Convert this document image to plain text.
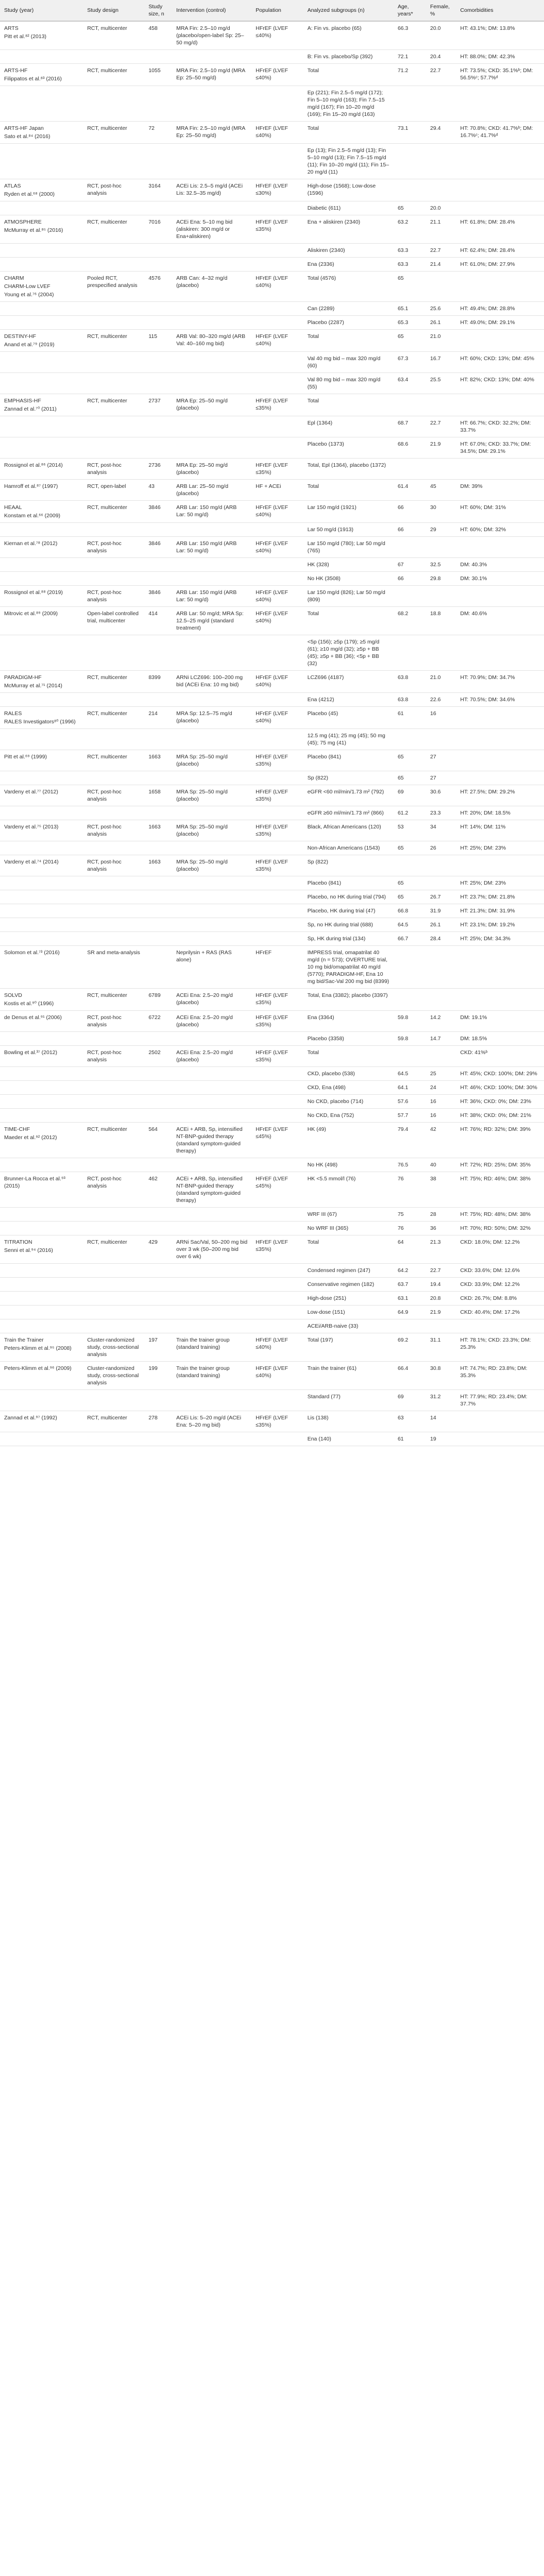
Study (year)	Study design	Study size, n	Intervention (control)	Population	Analyzed subgroups (n)	Age, years*	Female, %	Comorbidities

ARTS
Pitt et al.⁸² (2013)	RCT, multicenter	458	MRA Fin: 2.5–10 mg/d (placebo/open-label Sp: 25–50 mg/d)	HFrEF (LVEF ≤40%)	A: Fin vs. placebo (65)	66.3	20.0	HT: 43.1%; DM: 13.8%
					B: Fin vs. placebo/Sp (392)	72.1	20.4	HT: 88.0%; DM: 42.3%

ARTS-HF
Filippatos et al.⁸³ (2016)	RCT, multicenter	1055	MRA Fin: 2.5–10 mg/d (MRA Ep: 25–50 mg/d)	HFrEF (LVEF ≤40%)	Total	71.2	22.7	HT: 73.5%; CKD: 35.1%ᵇ; DM: 56.5%ᶜ; 57.7%ᵈ
					Ep (221); Fin 2.5–5 mg/d (172); Fin 5–10 mg/d (163); Fin 7.5–15 mg/d (167); Fin 10–20 mg/d (169); Fin 15–20 mg/d (163)			

ARTS-HF Japan
Sato et al.⁸⁴ (2016)	RCT, multicenter	72	MRA Fin: 2.5–10 mg/d (MRA Ep: 25–50 mg/d)	HFrEF (LVEF ≤40%)	Total	73.1	29.4	HT: 70.8%; CKD: 41.7%ᵇ; DM: 16.7%ᶜ; 41.7%ᵈ
					Ep (13); Fin 2.5–5 mg/d (13); Fin 5–10 mg/d (13); Fin 7.5–15 mg/d (11); Fin 10–20 mg/d (11); Fin 15–20 mg/d (11)			

ATLAS
Ryden et al.⁶⁸ (2000)	RCT, post-hoc analysis	3164	ACEi Lis: 2.5–5 mg/d (ACEi Lis: 32.5–35 mg/d)	HFrEF (LVEF ≤30%)	High-dose (1568); Low-dose (1596)			
					Diabetic (611)	65	20.0	

ATMOSPHERE
McMurray et al.⁸⁵ (2016)	RCT, multicenter	7016	ACEi Ena: 5–10 mg bid (aliskiren: 300 mg/d or Ena+aliskiren)	HFrEF (LVEF ≤35%)	Ena + aliskiren (2340)	63.2	21.1	HT: 61.8%; DM: 28.4%
					Aliskiren (2340)	63.3	22.7	HT: 62.4%; DM: 28.4%
					Ena (2336)	63.3	21.4	HT: 61.0%; DM: 27.9%

CHARM
CHARM-Low LVEF
Young et al.⁷⁶ (2004)	Pooled RCT, prespecified analysis	4576	ARB Can: 4–32 mg/d (placebo)	HFrEF (LVEF ≤40%)	Total (4576)	65		
					Can (2289)	65.1	25.6	HT: 49.4%; DM: 28.8%
					Placebo (2287)	65.3	26.1	HT: 49.0%; DM: 29.1%

DESTINY-HF
Anand et al.⁷⁹ (2019)	RCT, multicenter	115	ARB Val: 80–320 mg/d (ARB Val: 40–160 mg bid)	HFrEF (LVEF ≤40%)	Total	65	21.0	
					Val 40 mg bid – max 320 mg/d (60)	67.3	16.7	HT: 60%; CKD: 13%; DM: 45%
					Val 80 mg bid – max 320 mg/d (55)	63.4	25.5	HT: 82%; CKD: 13%; DM: 40%

EMPHASIS-HF
Zannad et al.⁷⁰ (2011)	RCT, multicenter	2737	MRA Ep: 25–50 mg/d (placebo)	HFrEF (LVEF ≤35%)	Total			
					Epl (1364)	68.7	22.7	HT: 66.7%; CKD: 32.2%; DM: 33.7%
					Placebo (1373)	68.6	21.9	HT: 67.0%; CKD: 33.7%; DM: 34.5%; DM: 29.1%
Rossignol et al.⁸⁶ (2014)	RCT, post-hoc analysis	2736	MRA Ep: 25–50 mg/d (placebo)	HFrEF (LVEF ≤35%)	Total, Epl (1364), placebo (1372)			
Hamroff et al.⁸⁷ (1997)	RCT, open-label	43	ARB Lar: 25–50 mg/d (placebo)	HF + ACEi	Total	61.4	45	DM: 39%

HEAAL
Konstam et al.⁶⁶ (2009)	RCT, multicenter	3846	ARB Lar: 150 mg/d (ARB Lar: 50 mg/d)	HFrEF (LVEF ≤40%)	Lar 150 mg/d (1921)	66	30	HT: 60%; DM: 31%
					Lar 50 mg/d (1913)	66	29	HT: 60%; DM: 32%
Kiernan et al.⁷⁸ (2012)	RCT, post-hoc analysis	3846	ARB Lar: 150 mg/d (ARB Lar: 50 mg/d)	HFrEF (LVEF ≤40%)	Lar 150 mg/d (780); Lar 50 mg/d (765)			
					HK (328)	67	32.5	DM: 40.3%
					No HK (3508)	66	29.8	DM: 30.1%
Rossignol et al.⁸⁸ (2019)	RCT, post-hoc analysis	3846	ARB Lar: 150 mg/d (ARB Lar: 50 mg/d)	HFrEF (LVEF ≤40%)	Lar 150 mg/d (826); Lar 50 mg/d (809)			
Mitrovic et al.⁸⁹ (2009)	Open-label controlled trial, multicenter	414	ARB Lar: 50 mg/d; MRA Sp: 12.5–25 mg/d (standard treatment)	HFrEF (LVEF ≤40%)	Total	68.2	18.8	DM: 40.6%
					<5p (156); ≥5p (179); ≥5 mg/d (61); ≥10 mg/d (32); ≥5p + BB (45); ≥5p + BB (36); <5p + BB (32)			

PARADIGM-HF
McMurray et al.⁷¹ (2014)	RCT, multicenter	8399	ARNi LCZ696: 100–200 mg bid (ACEi Ena: 10 mg bid)	HFrEF (LVEF ≤40%)	LCZ696 (4187)	63.8	21.0	HT: 70.9%; DM: 34.7%
					Ena (4212)	63.8	22.6	HT: 70.5%; DM: 34.6%

RALES
RALES Investigators⁸⁰ (1996)	RCT, multicenter	214	MRA Sp: 12.5–75 mg/d (placebo)	HFrEF (LVEF ≤40%)	Placebo (45)	61	16	
					12.5 mg (41); 25 mg (45); 50 mg (45); 75 mg (41)			
Pitt et al.⁶⁹ (1999)	RCT, multicenter	1663	MRA Sp: 25–50 mg/d (placebo)	HFrEF (LVEF ≤35%)	Placebo (841)	65	27	
					Sp (822)	65	27	
Vardeny et al.⁷⁷ (2012)	RCT, post-hoc analysis	1658	MRA Sp: 25–50 mg/d (placebo)	HFrEF (LVEF ≤35%)	eGFR <60 ml/min/1.73 m² (792)	69	30.6	HT: 27.5%; DM: 29.2%
					eGFR ≥60 ml/min/1.73 m² (866)	61.2	23.3	HT: 20%; DM: 18.5%
Vardeny et al.⁷⁵ (2013)	RCT, post-hoc analysis	1663	MRA Sp: 25–50 mg/d (placebo)	HFrEF (LVEF ≤35%)	Black, African Americans (120)	53	34	HT: 14%; DM: 11%
					Non-African Americans (1543)	65	26	HT: 25%; DM: 23%
Vardeny et al.⁷⁴ (2014)	RCT, post-hoc analysis	1663	MRA Sp: 25–50 mg/d (placebo)	HFrEF (LVEF ≤35%)	Sp (822)			
					Placebo (841)	65		HT: 25%; DM: 23%
					Placebo, no HK during trial (794)	65	26.7	HT: 23.7%; DM: 21.8%
					Placebo, HK during trial (47)	66.8	31.9	HT: 21.3%; DM: 31.9%
					Sp, no HK during trial (688)	64.5	26.1	HT: 23.1%; DM: 19.2%
					Sp, HK during trial (134)	66.7	28.4	HT: 25%; DM: 34.3%
Solomon et al.⁷³ (2016)	SR and meta-analysis		Neprilysin + RAS (RAS alone)	HFrEF	IMPRESS trial, omapatrilat 40 mg/d (n = 573); OVERTURE trial, 10 mg bid/omapatrilat 40 mg/d (5770); PARADIGM-HF, Ena 10 mg bid/Sac-Val 200 mg bid (8399)			

SOLVD
Kostis et al.⁹⁰ (1996)	RCT, multicenter	6789	ACEi Ena: 2.5–20 mg/d (placebo)	HFrEF (LVEF ≤35%)	Total, Ena (3382); placebo (3397)			
de Denus et al.⁹¹ (2006)	RCT, post-hoc analysis	6722	ACEi Ena: 2.5–20 mg/d (placebo)	HFrEF (LVEF ≤35%)	Ena (3364)	59.8	14.2	DM: 19.1%
					Placebo (3358)	59.8	14.7	DM: 18.5%
Bowling et al.³⁷ (2012)	RCT, post-hoc analysis	2502	ACEi Ena: 2.5–20 mg/d (placebo)	HFrEF (LVEF ≤35%)	Total			CKD: 41%ᵇ
					CKD, placebo (538)	64.5	25	HT: 45%; CKD: 100%; DM: 29%
					CKD, Ena (498)	64.1	24	HT: 46%; CKD: 100%; DM: 30%
					No CKD, placebo (714)	57.6	16	HT: 36%; CKD: 0%; DM: 23%
					No CKD, Ena (752)	57.7	16	HT: 38%; CKD: 0%; DM: 21%

TIME-CHF
Maeder et al.⁹² (2012)	RCT, multicenter	564	ACEi + ARB, Sp, intensified NT-BNP-guided therapy (standard symptom-guided therapy)	HFrEF (LVEF ≤45%)	HK (49)	79.4	42	HT: 76%; RD: 32%; DM: 39%
					No HK (498)	76.5	40	HT: 72%; RD: 25%; DM: 35%
Brunner-La Rocca et al.⁹³ (2015)	RCT, post-hoc analysis	462	ACEi + ARB, Sp, intensified NT-BNP-guided therapy (standard symptom-guided therapy)	HFrEF (LVEF ≤45%)	HK <5.5 mmol/l (76)	76	38	HT: 75%; RD: 46%; DM: 38%
					WRF III (67)	75	28	HT: 75%; RD: 48%; DM: 38%
					No WRF III (365)	76	36	HT: 70%; RD: 50%; DM: 32%

TITRATION
Senni et al.⁹⁴ (2016)	RCT, multicenter	429	ARNi Sac/Val, 50–200 mg bid over 3 wk (50–200 mg bid over 6 wk)	HFrEF (LVEF ≤35%)	Total	64	21.3	CKD: 18.0%; DM: 12.2%
					Condensed regimen (247)	64.2	22.7	CKD: 33.6%; DM: 12.6%
					Conservative regimen (182)	63.7	19.4	CKD: 33.9%; DM: 12.2%
					High-dose (251)	63.1	20.8	CKD: 26.7%; DM: 8.8%
					Low-dose (151)	64.9	21.9	CKD: 40.4%; DM: 17.2%
					ACEi/ARB-naive (33)			

Train the Trainer
Peters-Klimm et al.⁹⁵ (2008)	Cluster-randomized study, cross-sectional analysis	197	Train the trainer group (standard training)	HFrEF (LVEF ≤40%)	Total (197)	69.2	31.1	HT: 78.1%; CKD: 23.3%; DM: 25.3%
Peters-Klimm et al.⁹⁶ (2009)	Cluster-randomized study, cross-sectional analysis	199	Train the trainer group (standard training)	HFrEF (LVEF ≤40%)	Train the trainer (61)	66.4	30.8	HT: 74.7%; RD: 23.8%; DM: 35.3%
					Standard (77)	69	31.2	HT: 77.9%; RD: 23.4%; DM: 37.7%
Zannad et al.⁹⁷ (1992)	RCT, multicenter	278	ACEi Lis: 5–20 mg/d (ACEi Ena: 5–20 mg bid)	HFrEF (LVEF ≤35%)	Lis (138)	63	14	
					Ena (140)	61	19	
